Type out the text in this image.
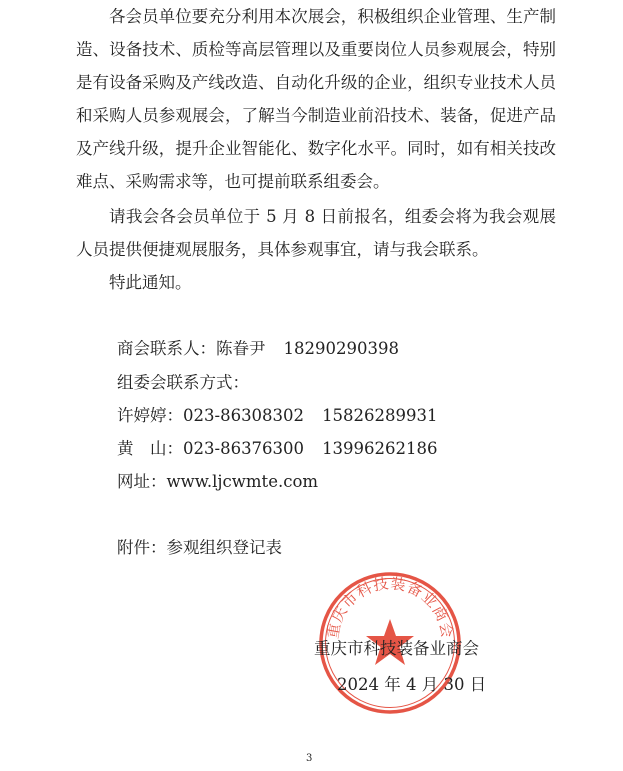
各会员单位要充分利用本次展会，积极组织企业管理、生产制造、设备技术、质检等高层管理以及重要岗位人员参观展会，特别是有设备采购及产线改造、自动化升级的企业，组织专业技术人员和采购人员参观展会，了解当今制造业前沿技术、装备，促进产品及产线升级，提升企业智能化、数字化水平。同时，如有相关技改难点、采购需求等，也可提前联系组委会。

请我会各会员单位于 5 月 8 日前报名，组委会将为我会观展人员提供便捷观展服务，具体参观事宜，请与我会联系。

特此通知。

商会联系人：陈眷尹 18290290398
组委会联系方式：
许婷婷：023-86308302 15826289931
黄　山：023-86376300 13996262186
网址：www.ljcwmte.com
附件：参观组织登记表
重庆市科技装备业商会
重庆市科技装备业商会
2024 年 4 月 30 日
3
